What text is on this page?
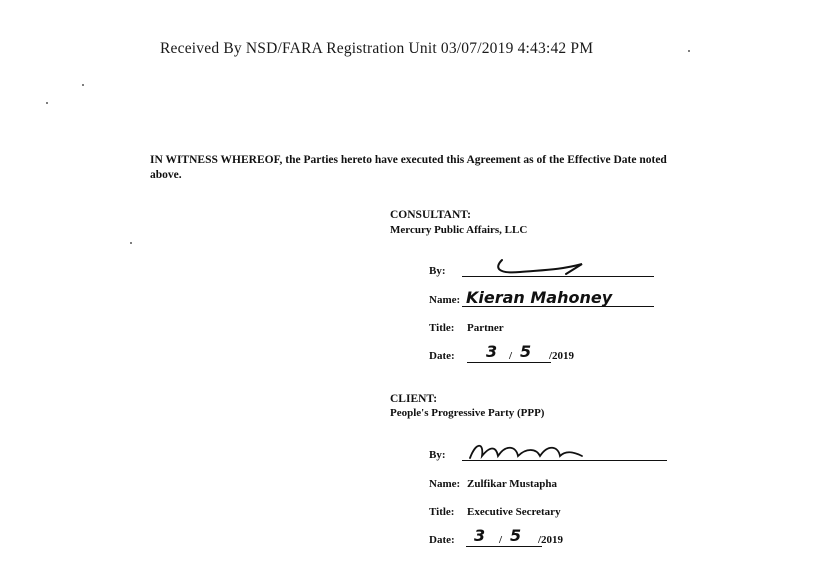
Received By NSD/FARA Registration Unit 03/07/2019 4:43:42 PM
IN WITNESS WHEREOF, the Parties hereto have executed this Agreement as of the Effective Date noted above.
CONSULTANT:
Mercury Public Affairs, LLC
By:
Name: Kieran Mahoney
Title: Partner
Date: 3 / 5 /2019
CLIENT:
People's Progressive Party (PPP)
By:
Name: Zulfikar Mustapha
Title: Executive Secretary
Date: 3 / 5 /2019
